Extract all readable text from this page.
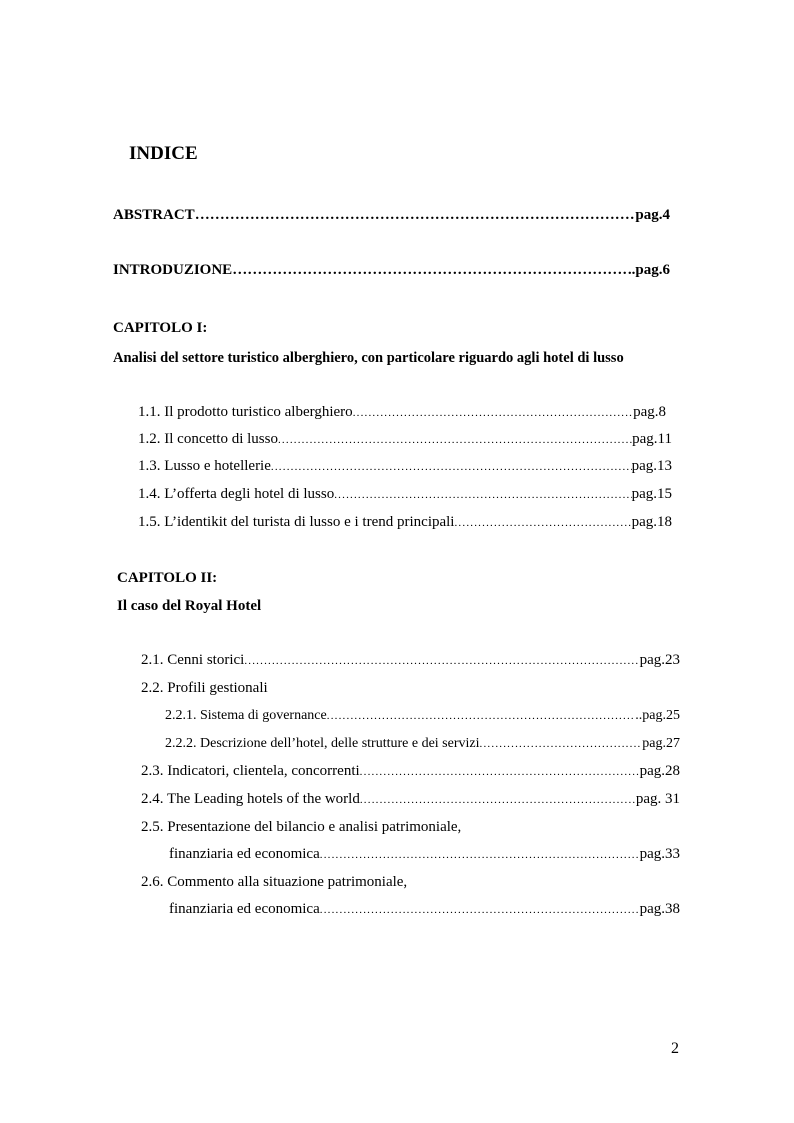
INDICE
ABSTRACT …………………………………………………………………………………………………………………………………………………………	pag.4
INTRODUZIONE …………………………………………………………………………………………………………………………………………………………	.pag.6
CAPITOLO I:
Analisi del settore turistico alberghiero, con particolare riguardo agli hotel di lusso
1.1. Il prodotto turistico alberghiero .....	pag.8
1.2. Il concetto di lusso .....	pag.11
1.3. Lusso e hotellerie .....	pag.13
1.4. L’offerta degli hotel di lusso .....	pag.15
1.5. L’identikit del turista di lusso e i trend principali .....	pag.18
CAPITOLO II:
Il caso del Royal Hotel
2.1. Cenni storici .....	pag.23
2.2. Profili gestionali
2.2.1. Sistema di governance .....	..pag.25
2.2.2. Descrizione dell’hotel, delle strutture e dei servizi .....	pag.27
2.3. Indicatori, clientela, concorrenti .....	pag.28
2.4. The Leading hotels of the world .....	pag. 31
2.5. Presentazione del bilancio e analisi patrimoniale,
finanziaria ed economica .....	pag.33
2.6. Commento alla situazione patrimoniale,
finanziaria ed economica .....	pag.38
2
